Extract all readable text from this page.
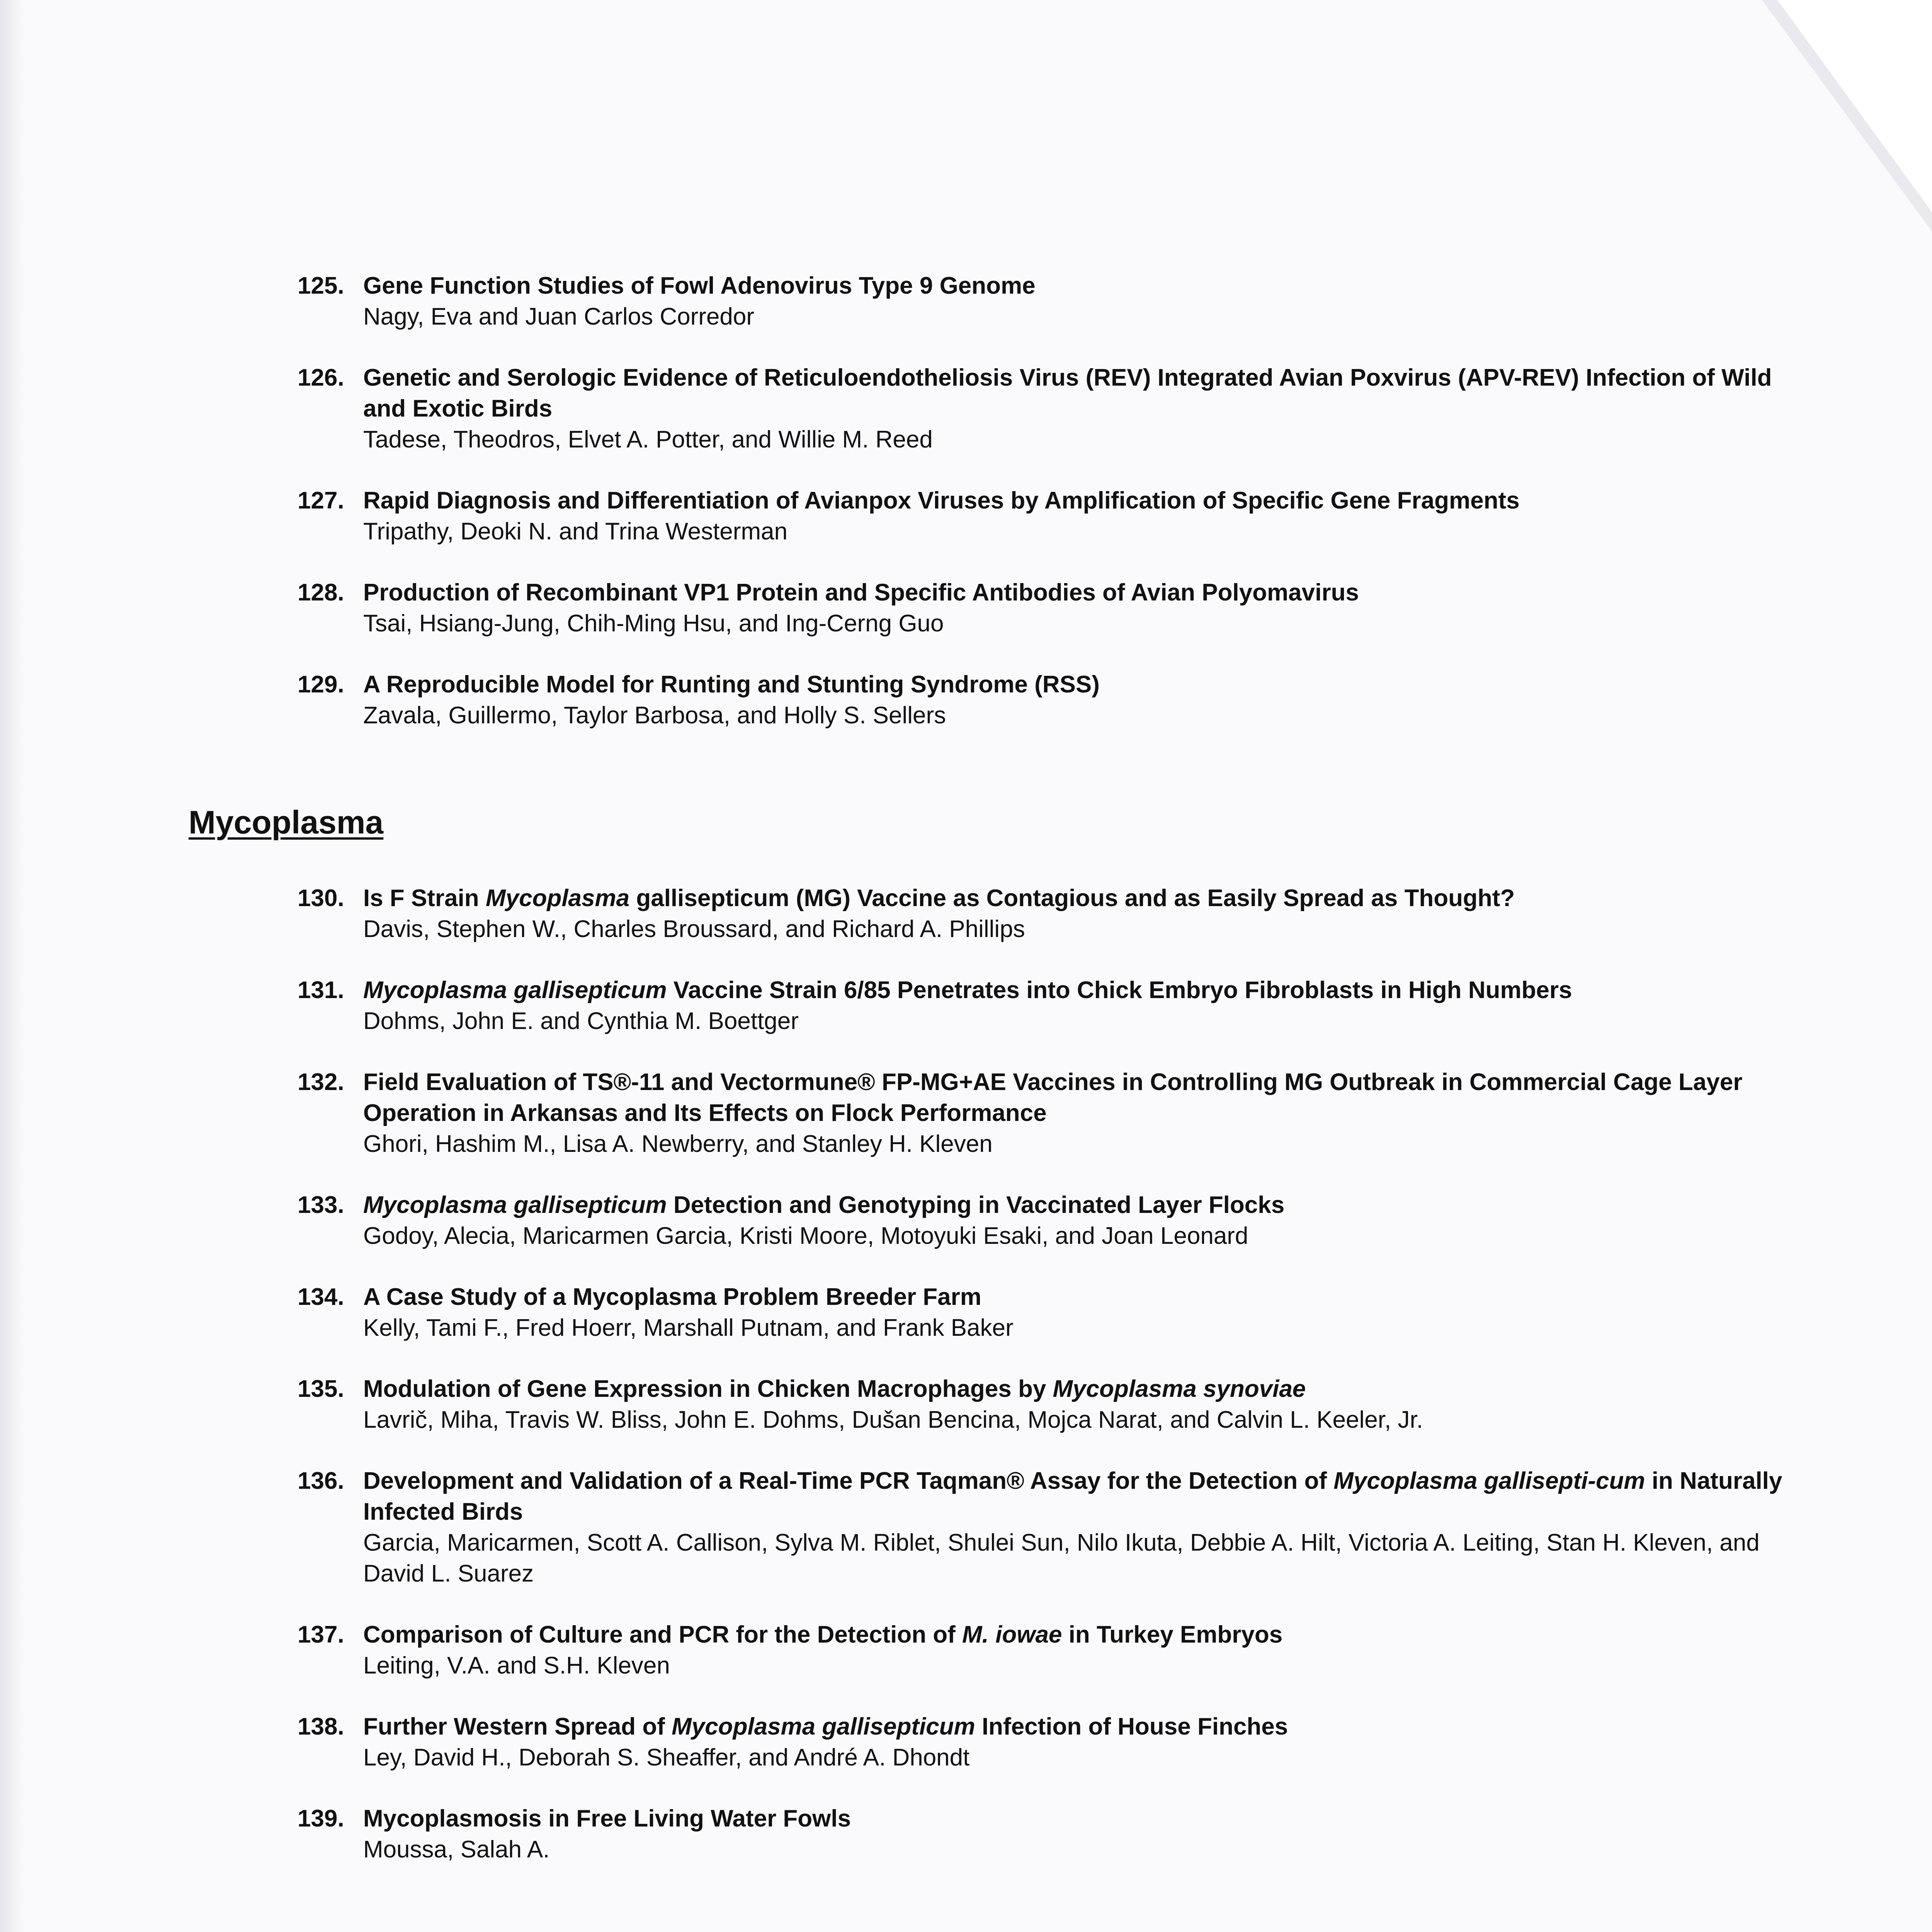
125. Gene Function Studies of Fowl Adenovirus Type 9 Genome
Nagy, Eva and Juan Carlos Corredor
126. Genetic and Serologic Evidence of Reticuloendotheliosis Virus (REV) Integrated Avian Poxvirus (APV-REV) Infection of Wild and Exotic Birds
Tadese, Theodros, Elvet A. Potter, and Willie M. Reed
127. Rapid Diagnosis and Differentiation of Avianpox Viruses by Amplification of Specific Gene Fragments
Tripathy, Deoki N. and Trina Westerman
128. Production of Recombinant VP1 Protein and Specific Antibodies of Avian Polyomavirus
Tsai, Hsiang-Jung, Chih-Ming Hsu, and Ing-Cerng Guo
129. A Reproducible Model for Runting and Stunting Syndrome (RSS)
Zavala, Guillermo, Taylor Barbosa, and Holly S. Sellers
Mycoplasma
130. Is F Strain Mycoplasma gallisepticum (MG) Vaccine as Contagious and as Easily Spread as Thought?
Davis, Stephen W., Charles Broussard, and Richard A. Phillips
131. Mycoplasma gallisepticum Vaccine Strain 6/85 Penetrates into Chick Embryo Fibroblasts in High Numbers
Dohms, John E. and Cynthia M. Boettger
132. Field Evaluation of TS®-11 and Vectormune® FP-MG+AE Vaccines in Controlling MG Outbreak in Commercial Cage Layer Operation in Arkansas and Its Effects on Flock Performance
Ghori, Hashim M., Lisa A. Newberry, and Stanley H. Kleven
133. Mycoplasma gallisepticum Detection and Genotyping in Vaccinated Layer Flocks
Godoy, Alecia, Maricarmen Garcia, Kristi Moore, Motoyuki Esaki, and Joan Leonard
134. A Case Study of a Mycoplasma Problem Breeder Farm
Kelly, Tami F., Fred Hoerr, Marshall Putnam, and Frank Baker
135. Modulation of Gene Expression in Chicken Macrophages by Mycoplasma synoviae
Lavrič, Miha, Travis W. Bliss, John E. Dohms, Dušan Bencina, Mojca Narat, and Calvin L. Keeler, Jr.
136. Development and Validation of a Real-Time PCR Taqman® Assay for the Detection of Mycoplasma gallisepti-cum in Naturally Infected Birds
Garcia, Maricarmen, Scott A. Callison, Sylva M. Riblet, Shulei Sun, Nilo Ikuta, Debbie A. Hilt, Victoria A. Leiting, Stan H. Kleven, and David L. Suarez
137. Comparison of Culture and PCR for the Detection of M. iowae in Turkey Embryos
Leiting, V.A. and S.H. Kleven
138. Further Western Spread of Mycoplasma gallisepticum Infection of House Finches
Ley, David H., Deborah S. Sheaffer, and André A. Dhondt
139. Mycoplasmosis in Free Living Water Fowls
Moussa, Salah A.
